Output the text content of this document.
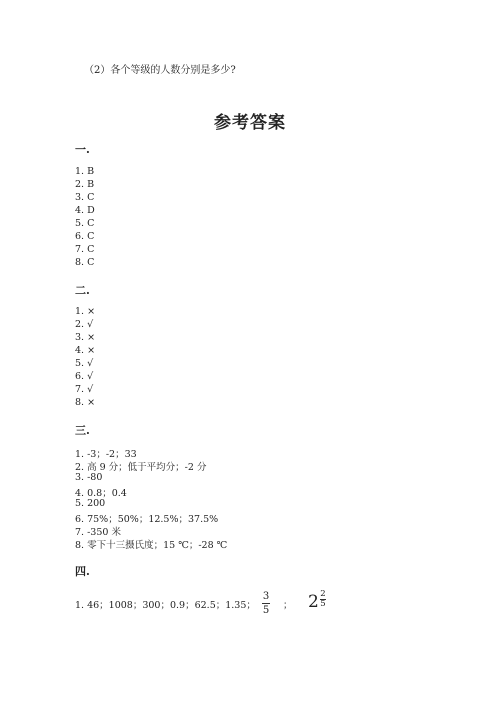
（2）各个等级的人数分别是多少?
参考答案
一.
1. B
2. B
3. C
4. D
5. C
6. C
7. C
8. C
二.
1. ×
2. √
3. ×
4. ×
5. √
6. √
7. √
8. ×
三.
1. -3；-2；33
2. 高 9 分；低于平均分；-2 分
3. -80
4. 0.8；0.4
5. 200
6. 75%；50%；12.5%；37.5%
7. -350 米
8. 零下十三摄氏度；15 ℃；-28 ℃
四.
1. 46；1008；300；0.9；62.5；1.35；
3
5 ； 2 2
5
